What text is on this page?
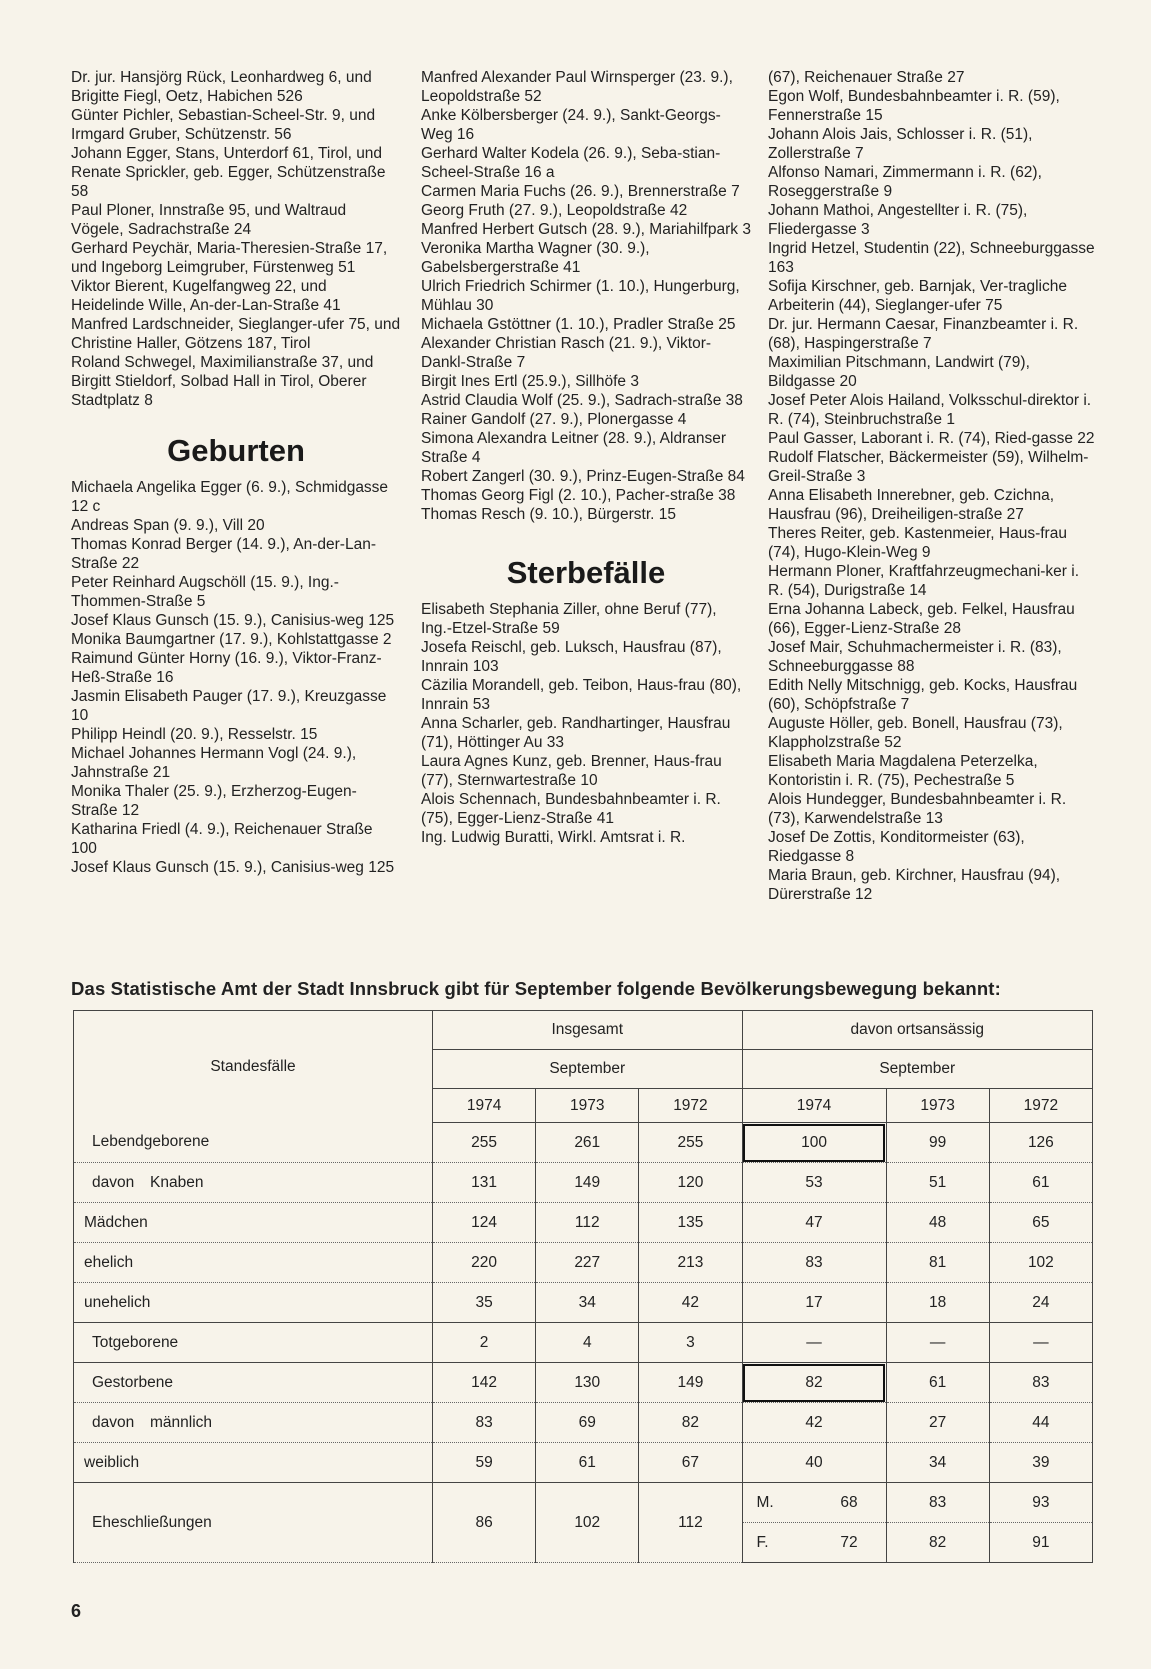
Dr. jur. Hansjörg Rück, Leonhardweg 6, und Brigitte Fiegl, Oetz, Habichen 526

Günter Pichler, Sebastian-Scheel-Str. 9, und Irmgard Gruber, Schützenstr. 56

Johann Egger, Stans, Unterdorf 61, Tirol, und Renate Sprickler, geb. Egger, Schützenstraße 58

Paul Ploner, Innstraße 95, und Waltraud Vögele, Sadrachstraße 24

Gerhard Peychär, Maria-Theresien-Straße 17, und Ingeborg Leimgruber, Fürstenweg 51

Viktor Bierent, Kugelfangweg 22, und Heidelinde Wille, An-der-Lan-Straße 41

Manfred Lardschneider, Sieglanger-ufer 75, und Christine Haller, Götzens 187, Tirol

Roland Schwegel, Maximilianstraße 37, und Birgitt Stieldorf, Solbad Hall in Tirol, Oberer Stadtplatz 8

Geburten

Michaela Angelika Egger (6. 9.), Schmidgasse 12 c

Andreas Span (9. 9.), Vill 20

Thomas Konrad Berger (14. 9.), An-der-Lan-Straße 22

Peter Reinhard Augschöll (15. 9.), Ing.-Thommen-Straße 5

Josef Klaus Gunsch (15. 9.), Canisius-weg 125

Monika Baumgartner (17. 9.), Kohlstattgasse 2

Raimund Günter Horny (16. 9.), Viktor-Franz-Heß-Straße 16

Jasmin Elisabeth Pauger (17. 9.), Kreuzgasse 10

Philipp Heindl (20. 9.), Resselstr. 15

Michael Johannes Hermann Vogl (24. 9.), Jahnstraße 21

Monika Thaler (25. 9.), Erzherzog-Eugen-Straße 12

Katharina Friedl (4. 9.), Reichenauer Straße 100

Josef Klaus Gunsch (15. 9.), Canisius-weg 125

Manfred Alexander Paul Wirnsperger (23. 9.), Leopoldstraße 52

Anke Kölbersberger (24. 9.), Sankt-Georgs-Weg 16

Gerhard Walter Kodela (26. 9.), Seba-stian-Scheel-Straße 16 a

Carmen Maria Fuchs (26. 9.), Brennerstraße 7

Georg Fruth (27. 9.), Leopoldstraße 42

Manfred Herbert Gutsch (28. 9.), Mariahilfpark 3

Veronika Martha Wagner (30. 9.), Gabelsbergerstraße 41

Ulrich Friedrich Schirmer (1. 10.), Hungerburg, Mühlau 30

Michaela Gstöttner (1. 10.), Pradler Straße 25

Alexander Christian Rasch (21. 9.), Viktor-Dankl-Straße 7

Birgit Ines Ertl (25.9.), Sillhöfe 3

Astrid Claudia Wolf (25. 9.), Sadrach-straße 38

Rainer Gandolf (27. 9.), Plonergasse 4

Simona Alexandra Leitner (28. 9.), Aldranser Straße 4

Robert Zangerl (30. 9.), Prinz-Eugen-Straße 84

Thomas Georg Figl (2. 10.), Pacher-straße 38

Thomas Resch (9. 10.), Bürgerstr. 15

Sterbefälle

Elisabeth Stephania Ziller, ohne Beruf (77), Ing.-Etzel-Straße 59

Josefa Reischl, geb. Luksch, Hausfrau (87), Innrain 103

Cäzilia Morandell, geb. Teibon, Haus-frau (80), Innrain 53

Anna Scharler, geb. Randhartinger, Hausfrau (71), Höttinger Au 33

Laura Agnes Kunz, geb. Brenner, Haus-frau (77), Sternwartestraße 10

Alois Schennach, Bundesbahnbeamter i. R. (75), Egger-Lienz-Straße 41

Ing. Ludwig Buratti, Wirkl. Amtsrat i. R.

(67), Reichenauer Straße 27

Egon Wolf, Bundesbahnbeamter i. R. (59), Fennerstraße 15

Johann Alois Jais, Schlosser i. R. (51), Zollerstraße 7

Alfonso Namari, Zimmermann i. R. (62), Roseggerstraße 9

Johann Mathoi, Angestellter i. R. (75), Fliedergasse 3

Ingrid Hetzel, Studentin (22), Schneeburggasse 163

Sofija Kirschner, geb. Barnjak, Ver-tragliche Arbeiterin (44), Sieglanger-ufer 75

Dr. jur. Hermann Caesar, Finanzbeamter i. R. (68), Haspingerstraße 7

Maximilian Pitschmann, Landwirt (79), Bildgasse 20

Josef Peter Alois Hailand, Volksschul-direktor i. R. (74), Steinbruchstraße 1

Paul Gasser, Laborant i. R. (74), Ried-gasse 22

Rudolf Flatscher, Bäckermeister (59), Wilhelm-Greil-Straße 3

Anna Elisabeth Innerebner, geb. Czichna, Hausfrau (96), Dreiheiligen-straße 27

Theres Reiter, geb. Kastenmeier, Haus-frau (74), Hugo-Klein-Weg 9

Hermann Ploner, Kraftfahrzeugmechani-ker i. R. (54), Durigstraße 14

Erna Johanna Labeck, geb. Felkel, Hausfrau (66), Egger-Lienz-Straße 28

Josef Mair, Schuhmachermeister i. R. (83), Schneeburggasse 88

Edith Nelly Mitschnigg, geb. Kocks, Hausfrau (60), Schöpfstraße 7

Auguste Höller, geb. Bonell, Hausfrau (73), Klappholzstraße 52

Elisabeth Maria Magdalena Peterzelka, Kontoristin i. R. (75), Pechestraße 5

Alois Hundegger, Bundesbahnbeamter i. R. (73), Karwendelstraße 13

Josef De Zottis, Konditormeister (63), Riedgasse 8

Maria Braun, geb. Kirchner, Hausfrau (94), Dürerstraße 12

Das Statistische Amt der Stadt Innsbruck gibt für September folgende Bevölkerungsbewegung bekannt:
Standesfälle	Insgesamt			davon ortsansässig		
	September			September		
	1974	1973	1972	1974	1973	1972
Lebendgeborene	255	261	255	100	99	126
davon Knaben	131	149	120	53	51	61
Mädchen	124	112	135	47	48	65
ehelich	220	227	213	83	81	102
unehelich	35	34	42	17	18	24
Totgeborene	2	4	3	—	—	—
Gestorbene	142	130	149	82	61	83
davon männlich	83	69	82	42	27	44
weiblich	59	61	67	40	34	39
Eheschließungen	86	102	112	M. 68	83	93

				F. 72	82	91
6
